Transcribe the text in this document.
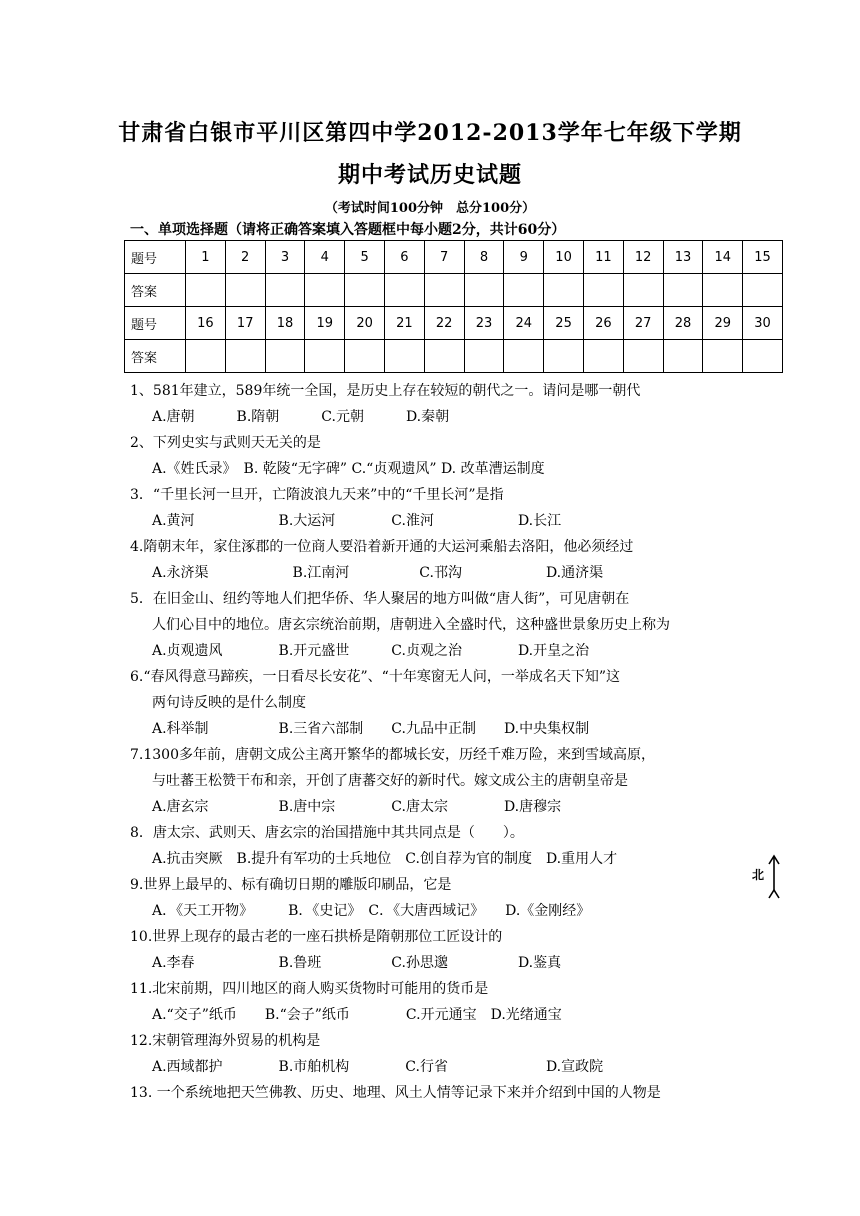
甘肃省白银市平川区第四中学2012-2013学年七年级下学期
期中考试历史试题
（考试时间100分钟　总分100分）
一、单项选择题（请将正确答案填入答题框中每小题2分，共计60分）
题号	1	2	3	4	5	6	7	8	9	10	11	12	13	14	15
答案															
题号	16	17	18	19	20	21	22	23	24	25	26	27	28	29	30
答案															
1、581年建立，589年统一全国，是历史上存在较短的朝代之一。请问是哪一朝代
A.唐朝　　　B.隋朝　　　C.元朝　　　D.秦朝
2、下列史实与武则天无关的是
A.《姓氏录》　B. 乾陵“无字碑” C.“贞观遗风” D. 改革漕运制度
3．“千里长河一旦开，亡隋波浪九天来”中的“千里长河”是指
A.黄河　　　　　　B.大运河　　　　C.淮河　　　　　　D.长江
4.隋朝末年，家住涿郡的一位商人要沿着新开通的大运河乘船去洛阳，他必须经过
A.永济渠　　　　　　B.江南河　　　　　C.邗沟　　　　　　D.通济渠
5．在旧金山、纽约等地人们把华侨、华人聚居的地方叫做“唐人街”，可见唐朝在
人们心目中的地位。唐玄宗统治前期，唐朝进入全盛时代，这种盛世景象历史上称为
A.贞观遗风　　　　B.开元盛世　　　C.贞观之治　　　　D.开皇之治
6.“春风得意马蹄疾，一日看尽长安花”、“十年寒窗无人问，一举成名天下知”这
两句诗反映的是什么制度
A.科举制　　　　　B.三省六部制　　C.九品中正制　　D.中央集权制
7.1300多年前，唐朝文成公主离开繁华的都城长安，历经千难万险，来到雪域高原，
与吐蕃王松赞干布和亲，开创了唐蕃交好的新时代。嫁文成公主的唐朝皇帝是
A.唐玄宗　　　　　B.唐中宗　　　　C.唐太宗　　　　D.唐穆宗
8．唐太宗、武则天、唐玄宗的治国措施中其共同点是（　　）。
A.抗击突厥　B.提升有军功的士兵地位　C.创自荐为官的制度　D.重用人才
9.世界上最早的、标有确切日期的雕版印刷品，它是
A．《天工开物》　　　B．《史记》　C．《大唐西域记》　　D.《金刚经》
10.世界上现存的最古老的一座石拱桥是隋朝那位工匠设计的
A.李春　　　　　　B.鲁班　　　　　C.孙思邈　　　　　D.鉴真
11.北宋前期，四川地区的商人购买货物时可能用的货币是
A.“交子”纸币　　B.“会子”纸币　　　　C.开元通宝　D.光绪通宝
12.宋朝管理海外贸易的机构是
A.西域都护　　　　B.市舶机构　　　　C.行省　　　　　　　D.宣政院
13. 一个系统地把天竺佛教、历史、地理、风土人情等记录下来并介绍到中国的人物是
北
